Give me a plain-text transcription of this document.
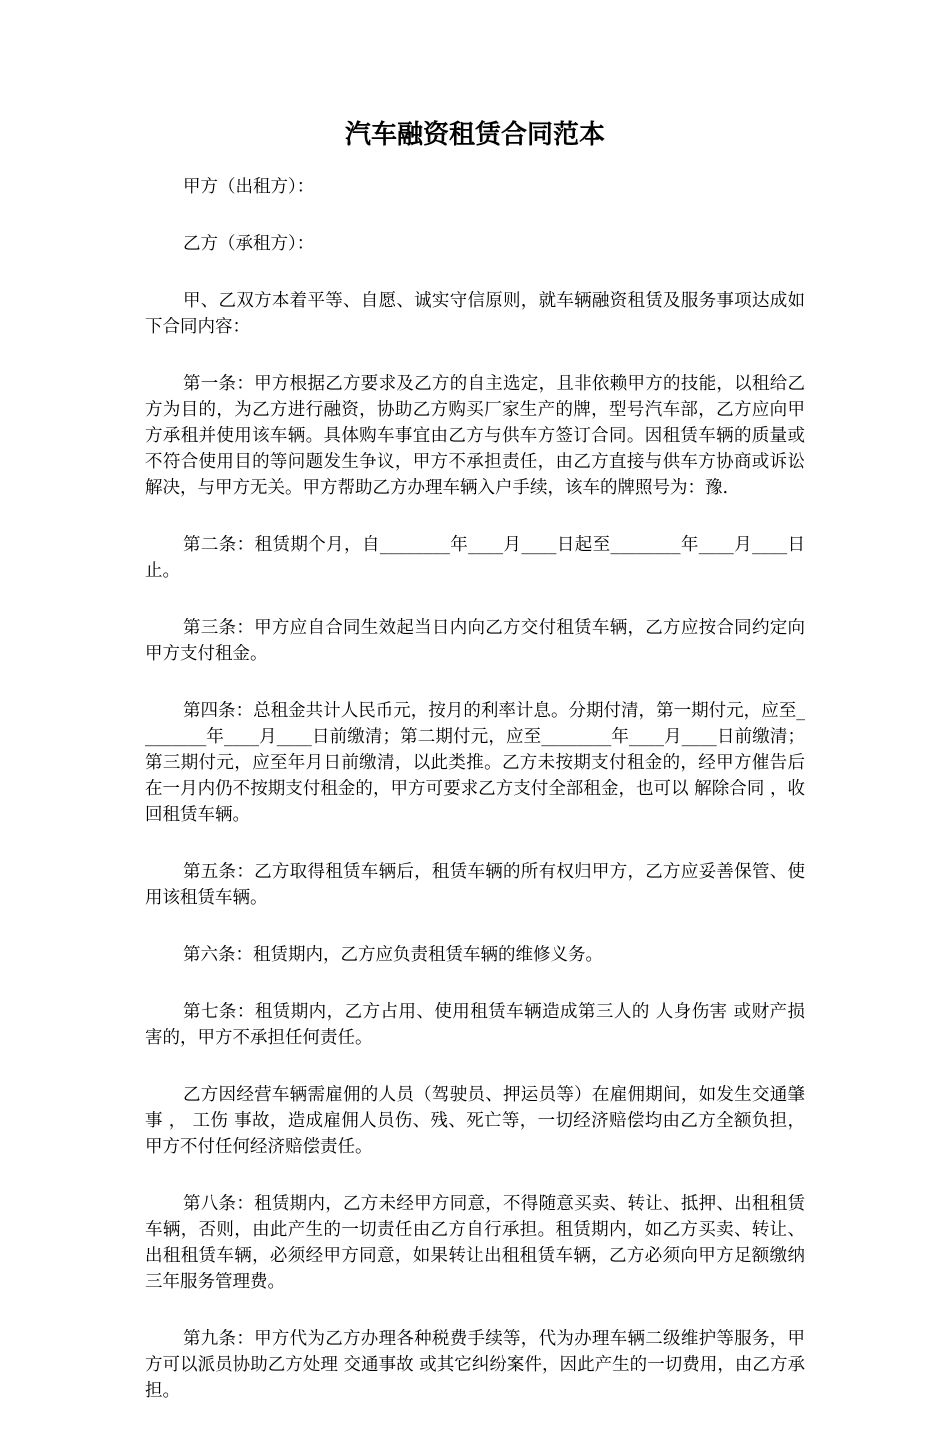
汽车融资租赁合同范本

甲方（出租方）：

乙方（承租方）：

甲、乙双方本着平等、自愿、诚实守信原则，就车辆融资租赁及服务事项达成如下合同内容：

第一条：甲方根据乙方要求及乙方的自主选定，且非依赖甲方的技能，以租给乙方为目的，为乙方进行融资，协助乙方购买厂家生产的牌，型号汽车部，乙方应向甲方承租并使用该车辆。具体购车事宜由乙方与供车方签订合同。因租赁车辆的质量或不符合使用目的等问题发生争议，甲方不承担责任，由乙方直接与供车方协商或诉讼解决，与甲方无关。甲方帮助乙方办理车辆入户手续，该车的牌照号为：豫.

第二条：租赁期个月，自________年____月____日起至________年____月____日止。

第三条：甲方应自合同生效起当日内向乙方交付租赁车辆，乙方应按合同约定向甲方支付租金。

第四条：总租金共计人民币元，按月的利率计息。分期付清，第一期付元，应至________年____月____日前缴清；第二期付元，应至________年____月____日前缴清；第三期付元，应至年月日前缴清，以此类推。乙方未按期支付租金的，经甲方催告后在一月内仍不按期支付租金的，甲方可要求乙方支付全部租金，也可以 解除合同 ，收回租赁车辆。

第五条：乙方取得租赁车辆后，租赁车辆的所有权归甲方，乙方应妥善保管、使用该租赁车辆。

第六条：租赁期内，乙方应负责租赁车辆的维修义务。

第七条：租赁期内，乙方占用、使用租赁车辆造成第三人的 人身伤害 或财产损害的，甲方不承担任何责任。

乙方因经营车辆需雇佣的人员（驾驶员、押运员等）在雇佣期间，如发生交通肇事 ， 工伤 事故，造成雇佣人员伤、残、死亡等，一切经济赔偿均由乙方全额负担，甲方不付任何经济赔偿责任。

第八条：租赁期内，乙方未经甲方同意，不得随意买卖、转让、抵押、出租租赁车辆，否则，由此产生的一切责任由乙方自行承担。租赁期内，如乙方买卖、转让、出租租赁车辆，必须经甲方同意，如果转让出租租赁车辆，乙方必须向甲方足额缴纳三年服务管理费。

第九条：甲方代为乙方办理各种税费手续等，代为办理车辆二级维护等服务，甲方可以派员协助乙方处理 交通事故 或其它纠纷案件，因此产生的一切费用，由乙方承担。
